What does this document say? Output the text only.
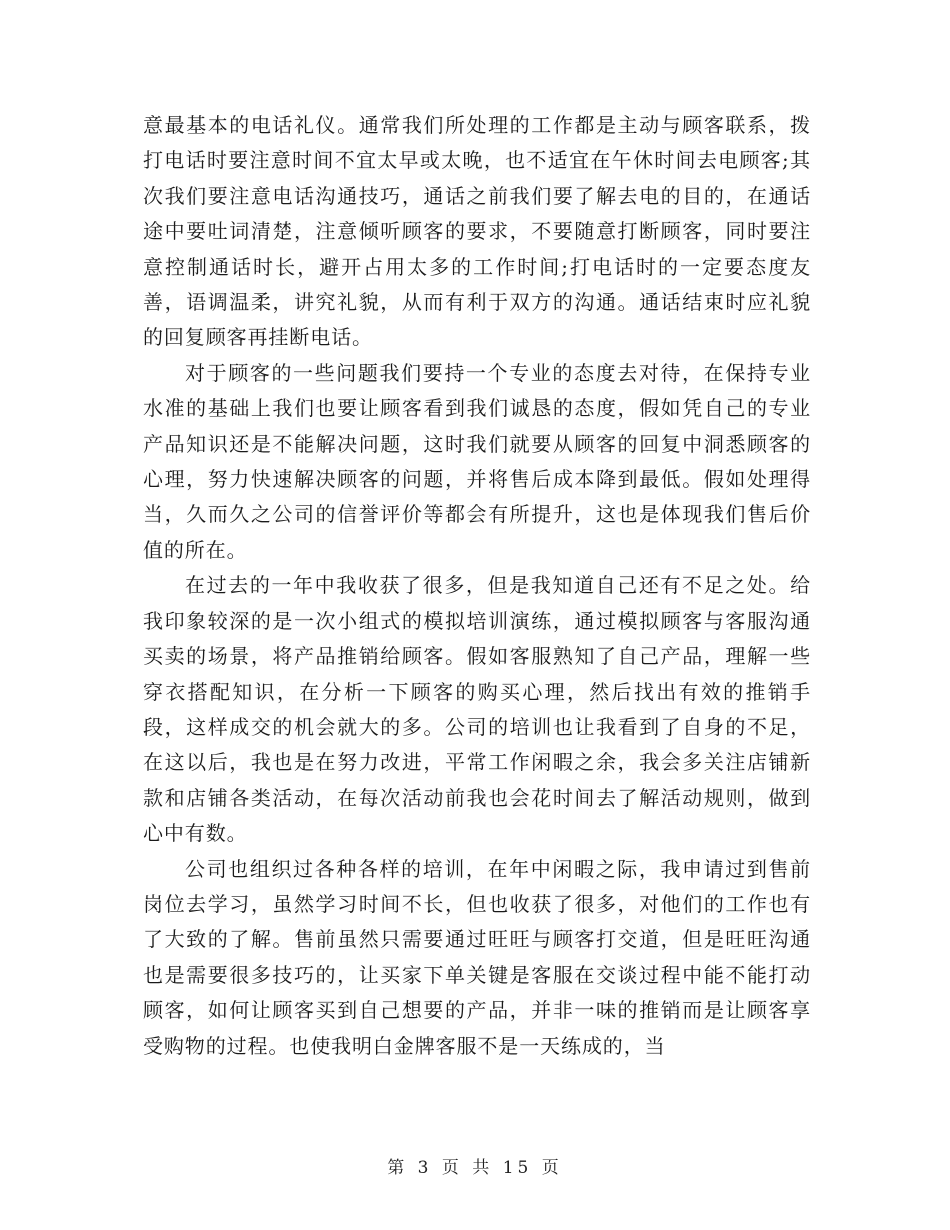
意最基本的电话礼仪。通常我们所处理的工作都是主动与顾客联系，拨打电话时要注意时间不宜太早或太晚，也不适宜在午休时间去电顾客;其次我们要注意电话沟通技巧，通话之前我们要了解去电的目的，在通话途中要吐词清楚，注意倾听顾客的要求，不要随意打断顾客，同时要注意控制通话时长，避开占用太多的工作时间;打电话时的一定要态度友善，语调温柔，讲究礼貌，从而有利于双方的沟通。通话结束时应礼貌的回复顾客再挂断电话。

对于顾客的一些问题我们要持一个专业的态度去对待，在保持专业水准的基础上我们也要让顾客看到我们诚恳的态度，假如凭自己的专业产品知识还是不能解决问题，这时我们就要从顾客的回复中洞悉顾客的心理，努力快速解决顾客的问题，并将售后成本降到最低。假如处理得当，久而久之公司的信誉评价等都会有所提升，这也是体现我们售后价值的所在。

在过去的一年中我收获了很多，但是我知道自己还有不足之处。给我印象较深的是一次小组式的模拟培训演练，通过模拟顾客与客服沟通买卖的场景，将产品推销给顾客。假如客服熟知了自己产品，理解一些穿衣搭配知识，在分析一下顾客的购买心理，然后找出有效的推销手段，这样成交的机会就大的多。公司的培训也让我看到了自身的不足，在这以后，我也是在努力改进，平常工作闲暇之余，我会多关注店铺新款和店铺各类活动，在每次活动前我也会花时间去了解活动规则，做到心中有数。

公司也组织过各种各样的培训，在年中闲暇之际，我申请过到售前岗位去学习，虽然学习时间不长，但也收获了很多，对他们的工作也有了大致的了解。售前虽然只需要通过旺旺与顾客打交道，但是旺旺沟通也是需要很多技巧的，让买家下单关键是客服在交谈过程中能不能打动顾客，如何让顾客买到自己想要的产品，并非一味的推销而是让顾客享受购物的过程。也使我明白金牌客服不是一天练成的，当

第 3 页 共 15 页
